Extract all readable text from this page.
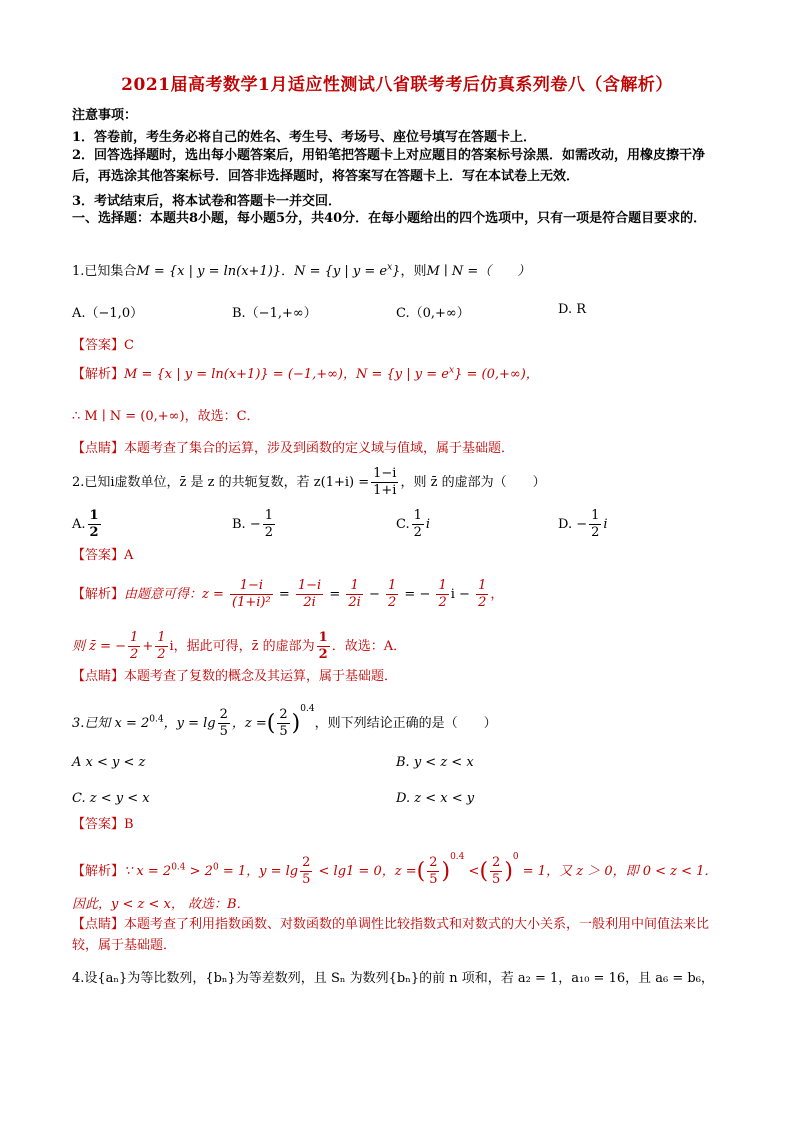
2021届高考数学1月适应性测试八省联考考后仿真系列卷八（含解析）
注意事项：
1．答卷前，考生务必将自己的姓名、考生号、考场号、座位号填写在答题卡上．
2．回答选择题时，选出每小题答案后，用铅笔把答题卡上对应题目的答案标号涂黑．如需改动，用橡皮擦干净后，再选涂其他答案标号．回答非选择题时，将答案写在答题卡上．写在本试卷上无效．
3．考试结束后，将本试卷和答题卡一并交回．
一、选择题：本题共8小题，每小题5分，共40分．在每小题给出的四个选项中，只有一项是符合题目要求的．
1.已知集合M = {x | y = ln(x+1)}．N = {y | $y = e^x$}，则M ∣ N =（　　）
A.（−1,0）	B.（−1,+∞）	C.（0,+∞）	D. R
【答案】C
【解析】M = {x | y = ln(x+1)} = (−1,+∞)，N = {y | $y = e^x\} = (0,+\infty)$，
∴ M ∣ N = (0,+∞)，故选：C．
【点睛】本题考查了集合的运算，涉及到函数的定义域与值域，属于基础题．
2.已知i虚数单位，z̄ 是 z 的共轭复数，若 $z(1+i) = \frac{1-i}{1+i}$ ，则 z̄ 的虚部为（　　）
A. $\frac{1}{2}$	B. − $\frac{1}{2}$	C. $\frac{1}{2}$ i	D. − $\frac{1}{2}$ i
【答案】A
【解析】由题意可得：$z = \frac{1-i}{\text{(1+i)²}} = \frac{1-i}{2i} = \frac{1}{2i} - \frac{1}{2}$ = − $\frac{1}{2}$ $i - \frac{1}{2}$ ，
则 z̄ = − $\frac{1}{2} + \frac{1}{2}$ i，据此可得，z̄ 的虚部为 $\frac{1}{2}$ ．故选：A．
【点睛】本题考查了复数的概念及其运算，属于基础题．
3.已知 $x = 2^{0.4}$，$y = \lg \frac{2}{5}$ ，z =( $\frac{2}{5} )^{0.4}$，则下列结论正确的是（　　）
A x < y < z	B. y < z < x
C. z < y < x	D. z < x < y
【答案】B
【解析】∵ $x = 2^{0.4} > 2^0 = 1$，$y = \lg \frac{2}{5} < \lg 1 = 0$，z =( $\frac{2}{5} )^{0.4}$ <( $\frac{2}{5} )^0 = 1$，又 z ＞ 0，即 0 < z < 1．
因此，y < z < x， 故选：B．
【点睛】本题考查了利用指数函数、对数函数的单调性比较指数式和对数式的大小关系，一般利用中间值法来比较，属于基础题．
4.设{aₙ}为等比数列，{bₙ}为等差数列，且 Sₙ 为数列{bₙ}的前 n 项和，若 a₂ = 1，a₁₀ = 16，且 a₆ = b₆，
